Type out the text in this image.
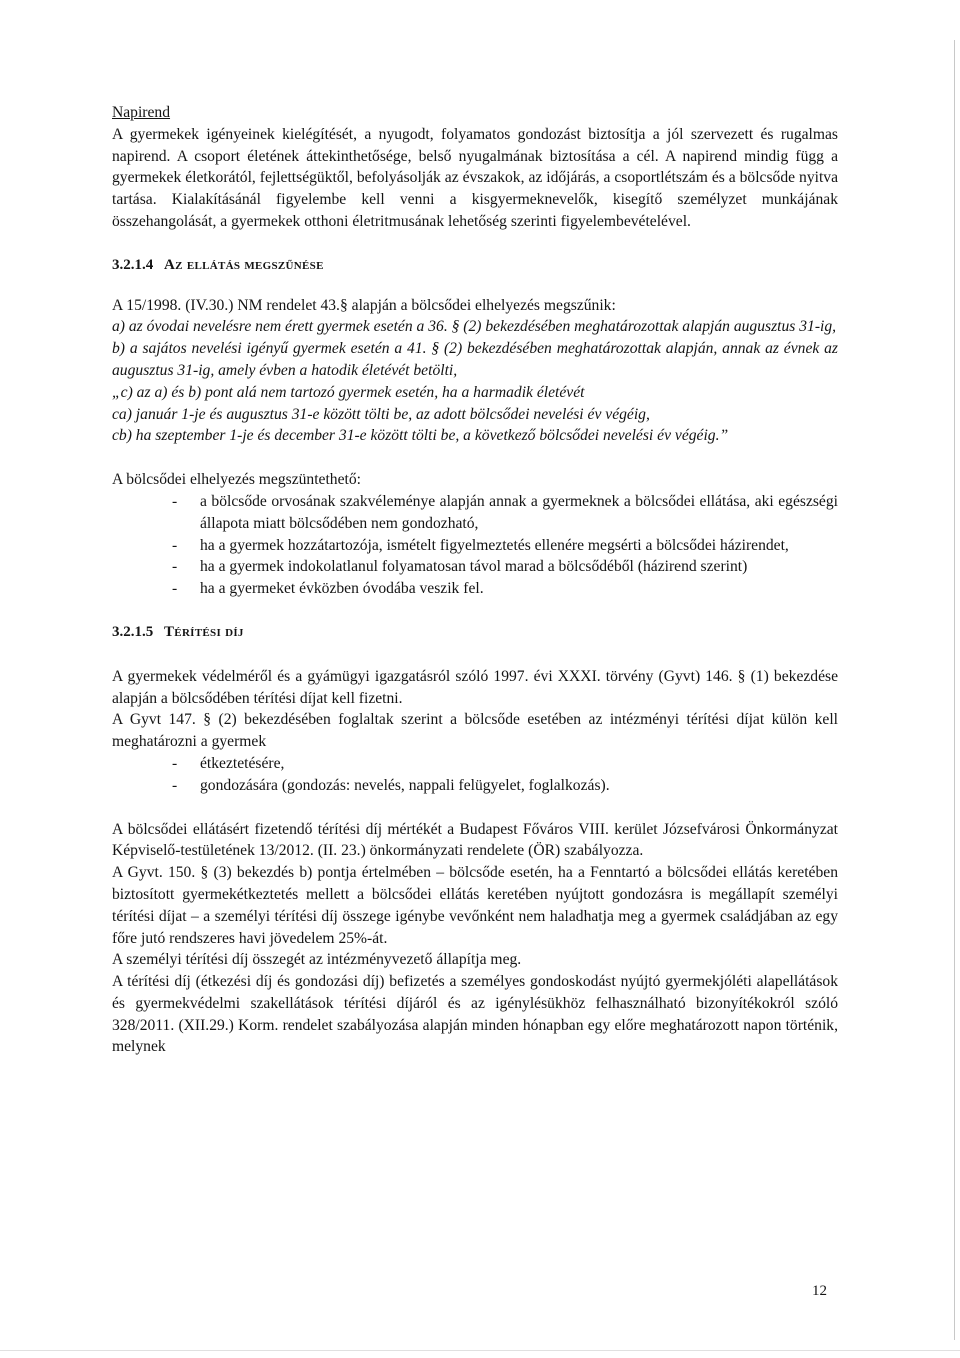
Napirend

A gyermekek igényeinek kielégítését, a nyugodt, folyamatos gondozást biztosítja a jól szervezett és rugalmas napirend. A csoport életének áttekinthetősége, belső nyugalmának biztosítása a cél. A napirend mindig függ a gyermekek életkorától, fejlettségüktől, befolyásolják az évszakok, az időjárás, a csoportlétszám és a bölcsőde nyitva tartása. Kialakításánál figyelembe kell venni a kisgyermeknevelők, kisegítő személyzet munkájának összehangolását, a gyermekek otthoni életritmusának lehetőség szerinti figyelembevételével.

3.2.1.4 Az ellátás megszűnése

A 15/1998. (IV.30.) NM rendelet 43.§ alapján a bölcsődei elhelyezés megszűnik:

a) az óvodai nevelésre nem érett gyermek esetén a 36. § (2) bekezdésében meghatározottak alapján augusztus 31-ig,

b) a sajátos nevelési igényű gyermek esetén a 41. § (2) bekezdésében meghatározottak alapján, annak az évnek az augusztus 31-ig, amely évben a hatodik életévét betölti,

„c) az a) és b) pont alá nem tartozó gyermek esetén, ha a harmadik életévét

ca) január 1-je és augusztus 31-e között tölti be, az adott bölcsődei nevelési év végéig,

cb) ha szeptember 1-je és december 31-e között tölti be, a következő bölcsődei nevelési év végéig.”

A bölcsődei elhelyezés megszüntethető:

- a bölcsőde orvosának szakvéleménye alapján annak a gyermeknek a bölcsődei ellátása, aki egészségi állapota miatt bölcsődében nem gondozható,
- ha a gyermek hozzátartozója, ismételt figyelmeztetés ellenére megsérti a bölcsődei házirendet,
- ha a gyermek indokolatlanul folyamatosan távol marad a bölcsődéből (házirend szerint)
- ha a gyermeket évközben óvodába veszik fel.

3.2.1.5 Térítési díj

A gyermekek védelméről és a gyámügyi igazgatásról szóló 1997. évi XXXI. törvény (Gyvt) 146. § (1) bekezdése alapján a bölcsődében térítési díjat kell fizetni.

A Gyvt 147. § (2) bekezdésében foglaltak szerint a bölcsőde esetében az intézményi térítési díjat külön kell meghatározni a gyermek

- étkeztetésére,
- gondozására (gondozás: nevelés, nappali felügyelet, foglalkozás).

A bölcsődei ellátásért fizetendő térítési díj mértékét a Budapest Főváros VIII. kerület Józsefvárosi Önkormányzat Képviselő-testületének 13/2012. (II. 23.) önkormányzati rendelete (ÖR) szabályozza.

A Gyvt. 150. § (3) bekezdés b) pontja értelmében – bölcsőde esetén, ha a Fenntartó a bölcsődei ellátás keretében biztosított gyermekétkeztetés mellett a bölcsődei ellátás keretében nyújtott gondozásra is megállapít személyi térítési díjat – a személyi térítési díj összege igénybe vevőnként nem haladhatja meg a gyermek családjában az egy főre jutó rendszeres havi jövedelem 25%-át.

A személyi térítési díj összegét az intézményvezető állapítja meg.

A térítési díj (étkezési díj és gondozási díj) befizetés a személyes gondoskodást nyújtó gyermekjóléti alapellátások és gyermekvédelmi szakellátások térítési díjáról és az igénylésükhöz felhasználható bizonyítékokról szóló 328/2011. (XII.29.) Korm. rendelet szabályozása alapján minden hónapban egy előre meghatározott napon történik, melynek

12
